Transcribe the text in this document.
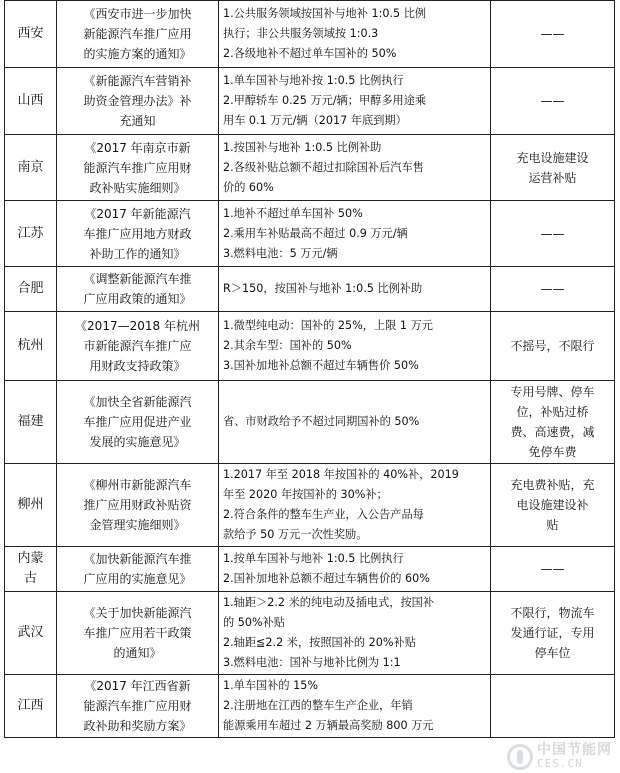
西安	《西安市进一步加快
新能源汽车推广应用
的实施方案的通知》	1.公共服务领域按国补与地补 1:0.5 比例
执行；非公共服务领域按 1:0.3
2.各级地补不超过单车国补的 50%	——

山西	《新能源汽车营销补
助资金管理办法》补
充通知	1.单车国补与地补按 1:0.5 比例执行
2.甲醇轿车 0.25 万元/辆；甲醇多用途乘
用车 0.1 万元/辆（2017 年底到期）	——

南京	《2017 年南京市新
能源汽车推广应用财
政补贴实施细则》	1.按国补与地补 1:0.5 比例补助
2.各级补贴总额不超过扣除国补后汽车售
价的 60%	充电设施建设
运营补贴

江苏	《2017 年新能源汽
车推广应用地方财政
补助工作的通知》	1.地补不超过单车国补 50%
2.乘用车补贴最高不超过 0.9 万元/辆
3.燃料电池：5 万元/辆	——

合肥	《调整新能源汽车推
广应用政策的通知》	R＞150，按国补与地补 1:0.5 比例补助	——

杭州	《2017—2018 年杭州
市新能源汽车推广应
用财政支持政策》	1.微型纯电动：国补的 25%，上限 1 万元
2.其余车型：国补的 50%
3.国补加地补总额不超过车辆售价 50%	不摇号，不限行

福建	《加快全省新能源汽
车推广应用促进产业
发展的实施意见》	省、市财政给予不超过同期国补的 50%	专用号牌、停车
位，补贴过桥
费、高速费，减
免停车费

柳州	《柳州市新能源汽车
推广应用财政补贴资
金管理实施细则》	1.2017 年至 2018 年按国补的 40%补，2019
年至 2020 年按国补的 30%补；
2.符合条件的整车生产业，入公告产品每
款给予 50 万元一次性奖励。	充电费补贴，充
电设施建设补
贴

内蒙
古	《加快新能源汽车推
广应用的实施意见》	1.按单车国补与地补 1:0.5 比例执行
2.国补加地补总额不超过车辆售价的 60%	——

武汉	《关于加快新能源汽
车推广应用若干政策
的通知》	1.轴距＞2.2 米的纯电动及插电式，按国补
的 50%补贴
2.轴距≦2.2 米，按照国补的 20%补贴
3.燃料电池：国补与地补比例为 1:1	不限行，物流车
发通行证，专用
停车位

江西	《2017 年江西省新
能源汽车推广应用财
政补助和奖励方案》	1.单车国补的 15%
2.注册地在江西的整车生产企业，年销
能源乘用车超过 2 万辆最高奖励 800 万元	

中国节能网
CES.CN
